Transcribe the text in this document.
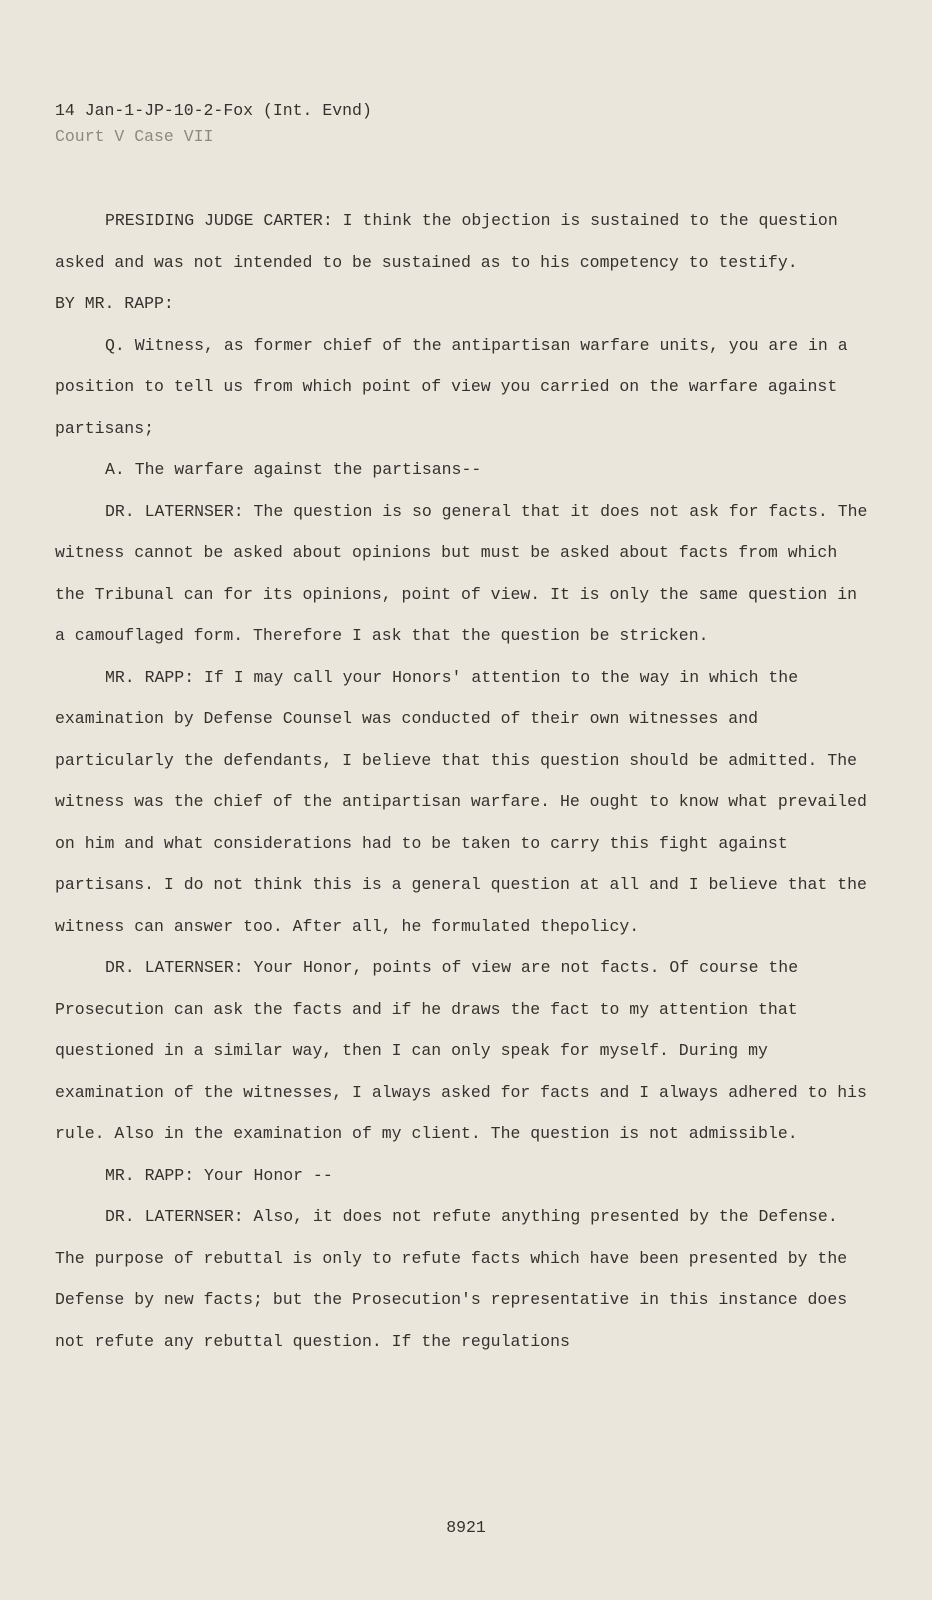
14 Jan-1-JP-10-2-Fox (Int. Evnd)
Court V Case VII

PRESIDING JUDGE CARTER: I think the objection is sustained to the question asked and was not intended to be sustained as to his competency to testify.

BY MR. RAPP:

Q. Witness, as former chief of the antipartisan warfare units, you are in a position to tell us from which point of view you carried on the warfare against partisans;

A. The warfare against the partisans--

DR. LATERNSER: The question is so general that it does not ask for facts. The witness cannot be asked about opinions but must be asked about facts from which the Tribunal can for its opinions, point of view. It is only the same question in a camouflaged form. Therefore I ask that the question be stricken.

MR. RAPP: If I may call your Honors' attention to the way in which the examination by Defense Counsel was conducted of their own witnesses and particularly the defendants, I believe that this question should be admitted. The witness was the chief of the antipartisan warfare. He ought to know what prevailed on him and what considerations had to be taken to carry this fight against partisans. I do not think this is a general question at all and I believe that the witness can answer too. After all, he formulated thepolicy.

DR. LATERNSER: Your Honor, points of view are not facts. Of course the Prosecution can ask the facts and if he draws the fact to my attention that questioned in a similar way, then I can only speak for myself. During my examination of the witnesses, I always asked for facts and I always adhered to his rule. Also in the examination of my client. The question is not admissible.

MR. RAPP: Your Honor --

DR. LATERNSER: Also, it does not refute anything presented by the Defense. The purpose of rebuttal is only to refute facts which have been presented by the Defense by new facts; but the Prosecution's representative in this instance does not refute any rebuttal question. If the regulations

8921
